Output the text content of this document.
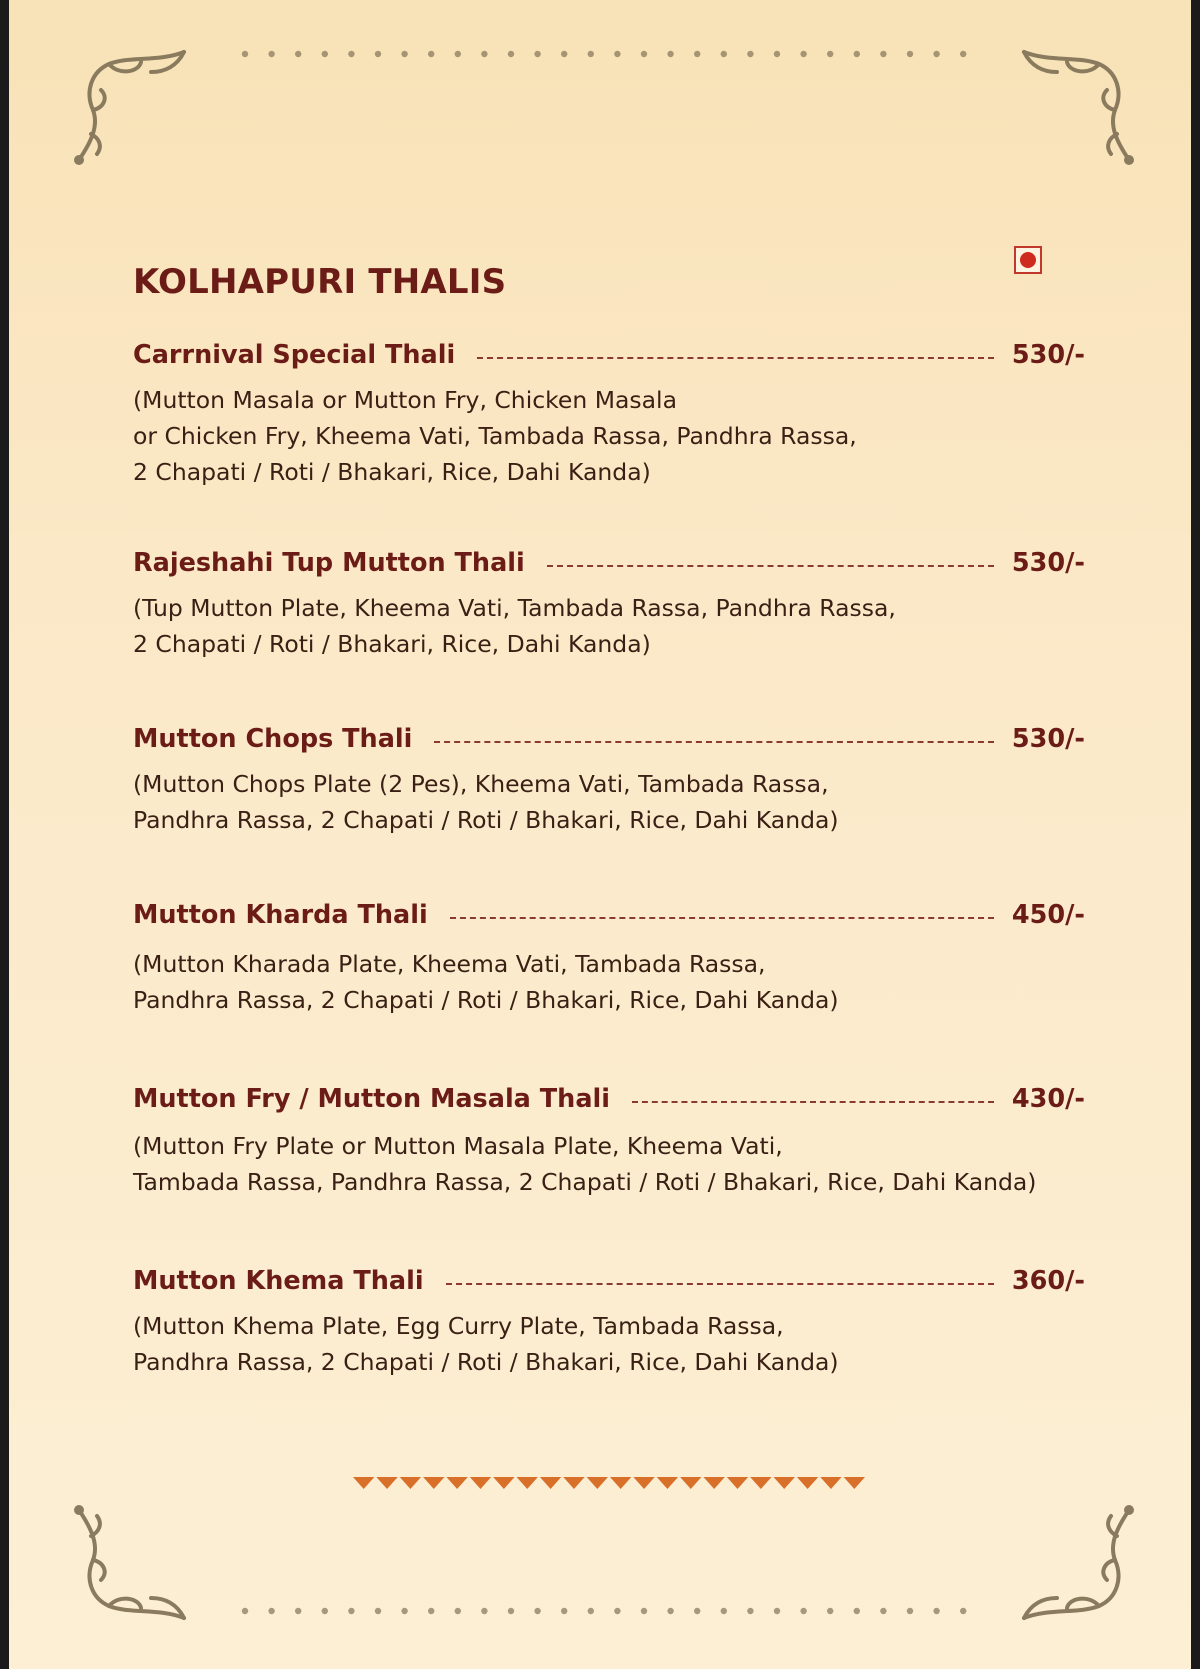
KOLHAPURI THALIS
Carrnival Special Thali	530/-
(Mutton Masala or Mutton Fry, Chicken Masala
or Chicken Fry, Kheema Vati, Tambada Rassa, Pandhra Rassa,
2 Chapati / Roti / Bhakari, Rice, Dahi Kanda)
Rajeshahi Tup Mutton Thali	530/-
(Tup Mutton Plate, Kheema Vati, Tambada Rassa, Pandhra Rassa,
2 Chapati / Roti / Bhakari, Rice, Dahi Kanda)
Mutton Chops Thali	530/-
(Mutton Chops Plate (2 Pes), Kheema Vati, Tambada Rassa,
Pandhra Rassa, 2 Chapati / Roti / Bhakari, Rice, Dahi Kanda)
Mutton Kharda Thali	450/-
(Mutton Kharada Plate, Kheema Vati, Tambada Rassa,
Pandhra Rassa, 2 Chapati / Roti / Bhakari, Rice, Dahi Kanda)
Mutton Fry / Mutton Masala Thali	430/-
(Mutton Fry Plate or Mutton Masala Plate, Kheema Vati,
Tambada Rassa, Pandhra Rassa, 2 Chapati / Roti / Bhakari, Rice, Dahi Kanda)
Mutton Khema Thali	360/-
(Mutton Khema Plate, Egg Curry Plate, Tambada Rassa,
Pandhra Rassa, 2 Chapati / Roti / Bhakari, Rice, Dahi Kanda)
